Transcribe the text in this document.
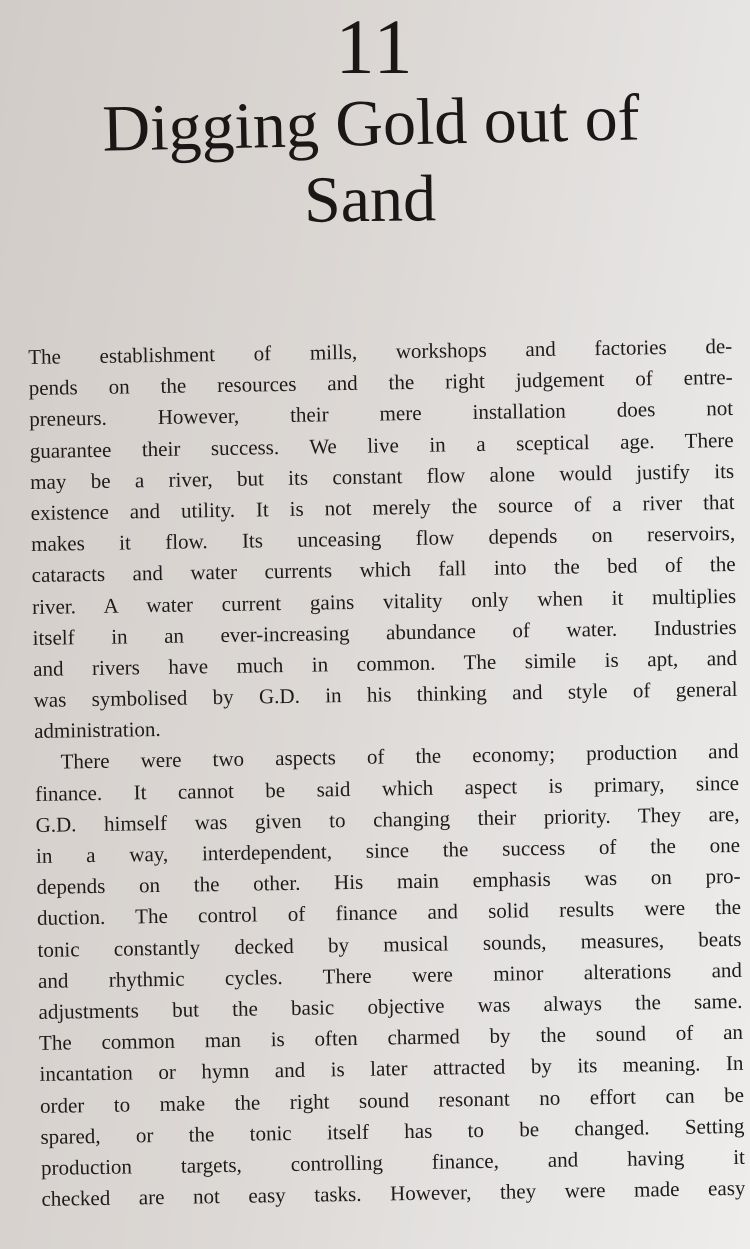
11
Digging Gold out of
Sand
The establishment of mills, workshops and factories de-
pends on the resources and the right judgement of entre-
preneurs. However, their mere installation does not
guarantee their success. We live in a sceptical age. There
may be a river, but its constant flow alone would justify its
existence and utility. It is not merely the source of a river that
makes it flow. Its unceasing flow depends on reservoirs,
cataracts and water currents which fall into the bed of the
river. A water current gains vitality only when it multiplies
itself in an ever-increasing abundance of water. Industries
and rivers have much in common. The simile is apt, and
was symbolised by G.D. in his thinking and style of general
administration.
There were two aspects of the economy; production and
finance. It cannot be said which aspect is primary, since
G.D. himself was given to changing their priority. They are,
in a way, interdependent, since the success of the one
depends on the other. His main emphasis was on pro-
duction. The control of finance and solid results were the
tonic constantly decked by musical sounds, measures, beats
and rhythmic cycles. There were minor alterations and
adjustments but the basic objective was always the same.
The common man is often charmed by the sound of an
incantation or hymn and is later attracted by its meaning. In
order to make the right sound resonant no effort can be
spared, or the tonic itself has to be changed. Setting
production targets, controlling finance, and having it
checked are not easy tasks. However, they were made easy
